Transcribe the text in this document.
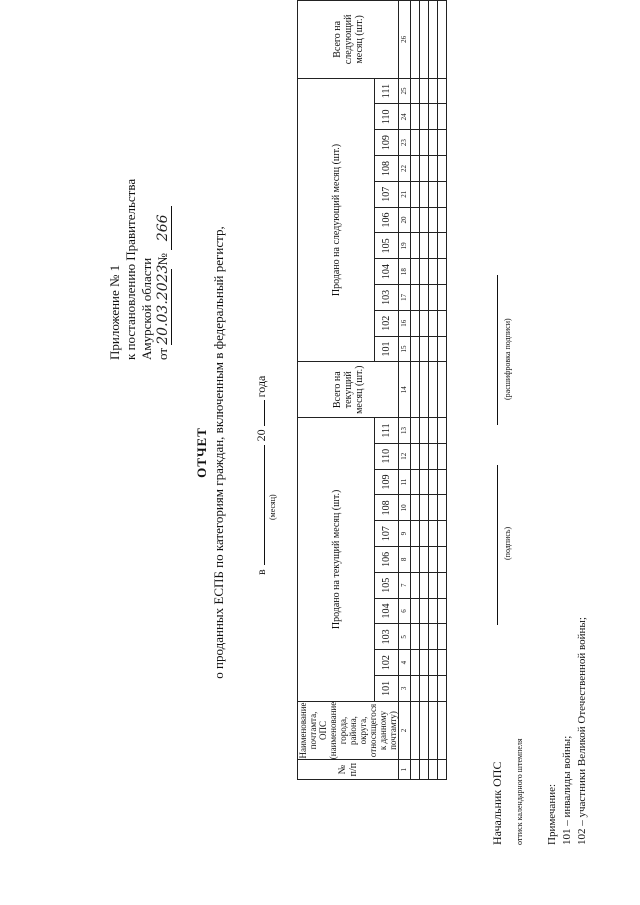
Приложение № 1 к постановлению Правительства Амурской области от 20.03.2023 № 266
ОТЧЕТ о проданных ЕСПБ по категориям граждан, включенным в федеральный регистр, в20года
(месяц)
№ п/п	Наименование почтамта, ОПС (наименование города, района, округа, относящегося к данному почтамту)	Продано на текущий месяц (шт.)											Всего на текущий месяц (шт.)	Продано на следующий месяц (шт.)											Всего на следующий месяц (шт.)
		101	102	103	104	105	106	107	108	109	110	111		101	102	103	104	105	106	107	108	109	110	111	
1	2	3	4	5	6	7	8	9	10	11	12	13	14	15	16	17	18	19	20	21	22	23	24	25	26

Начальник ОПС
(подпись)
(расшифровка подписи)
оттиск календарного штемпеля Примечание: 101 – инвалиды войны; 102 – участники Великой Отечественной войны;
